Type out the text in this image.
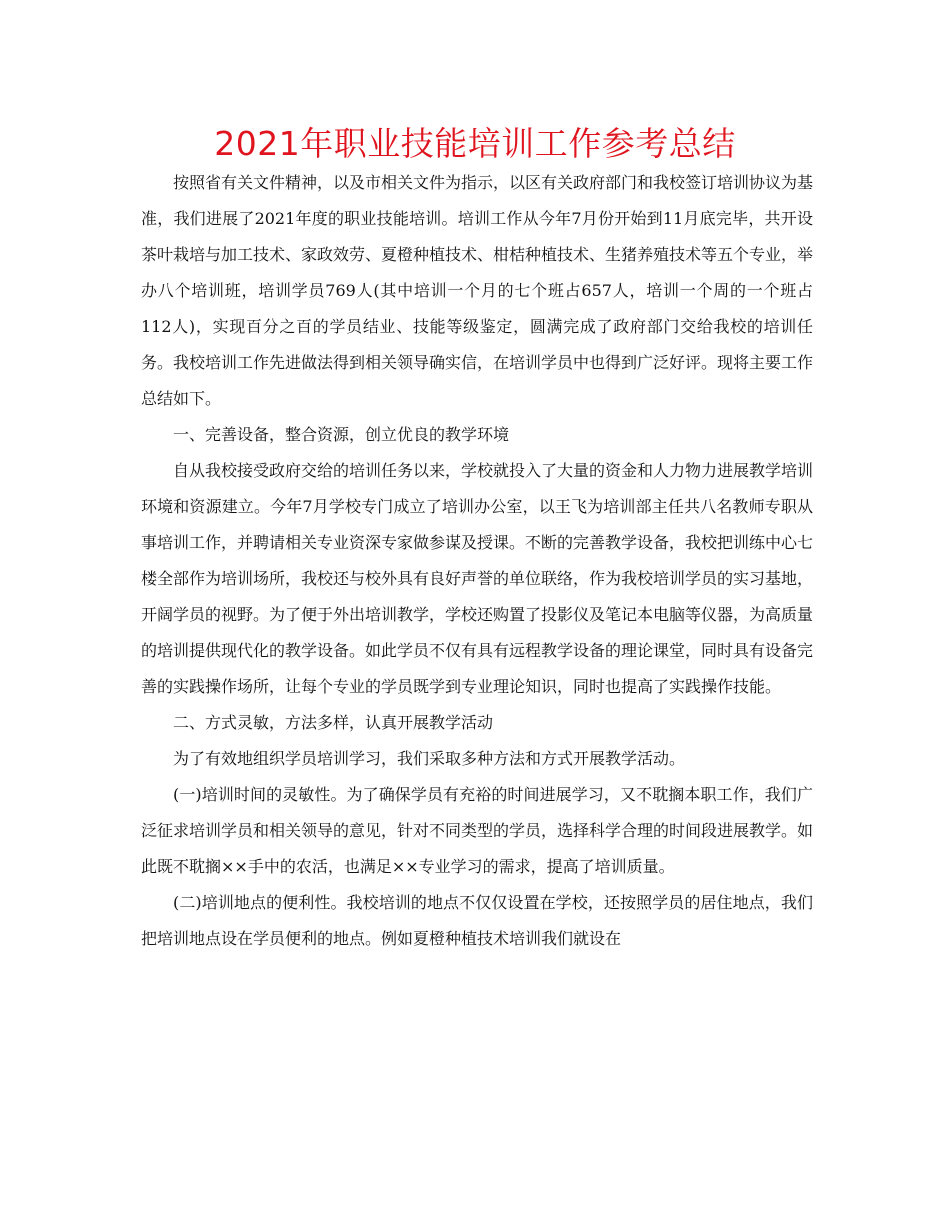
2021年职业技能培训工作参考总结

按照省有关文件精神，以及市相关文件为指示，以区有关政府部门和我校签订培训协议为基准，我们进展了2021年度的职业技能培训。培训工作从今年7月份开始到11月底完毕，共开设茶叶栽培与加工技术、家政效劳、夏橙种植技术、柑桔种植技术、生猪养殖技术等五个专业，举办八个培训班，培训学员769人(其中培训一个月的七个班占657人，培训一个周的一个班占112人)，实现百分之百的学员结业、技能等级鉴定，圆满完成了政府部门交给我校的培训任务。我校培训工作先进做法得到相关领导确实信，在培训学员中也得到广泛好评。现将主要工作总结如下。

一、完善设备，整合资源，创立优良的教学环境

自从我校接受政府交给的培训任务以来，学校就投入了大量的资金和人力物力进展教学培训环境和资源建立。今年7月学校专门成立了培训办公室，以王飞为培训部主任共八名教师专职从事培训工作，并聘请相关专业资深专家做参谋及授课。不断的完善教学设备，我校把训练中心七楼全部作为培训场所，我校还与校外具有良好声誉的单位联络，作为我校培训学员的实习基地，开阔学员的视野。为了便于外出培训教学，学校还购置了投影仪及笔记本电脑等仪器，为高质量的培训提供现代化的教学设备。如此学员不仅有具有远程教学设备的理论课堂，同时具有设备完善的实践操作场所，让每个专业的学员既学到专业理论知识，同时也提高了实践操作技能。

二、方式灵敏，方法多样，认真开展教学活动

为了有效地组织学员培训学习，我们采取多种方法和方式开展教学活动。

(一)培训时间的灵敏性。为了确保学员有充裕的时间进展学习，又不耽搁本职工作，我们广泛征求培训学员和相关领导的意见，针对不同类型的学员，选择科学合理的时间段进展教学。如此既不耽搁××手中的农活，也满足××专业学习的需求，提高了培训质量。

(二)培训地点的便利性。我校培训的地点不仅仅设置在学校，还按照学员的居住地点，我们把培训地点设在学员便利的地点。例如夏橙种植技术培训我们就设在
